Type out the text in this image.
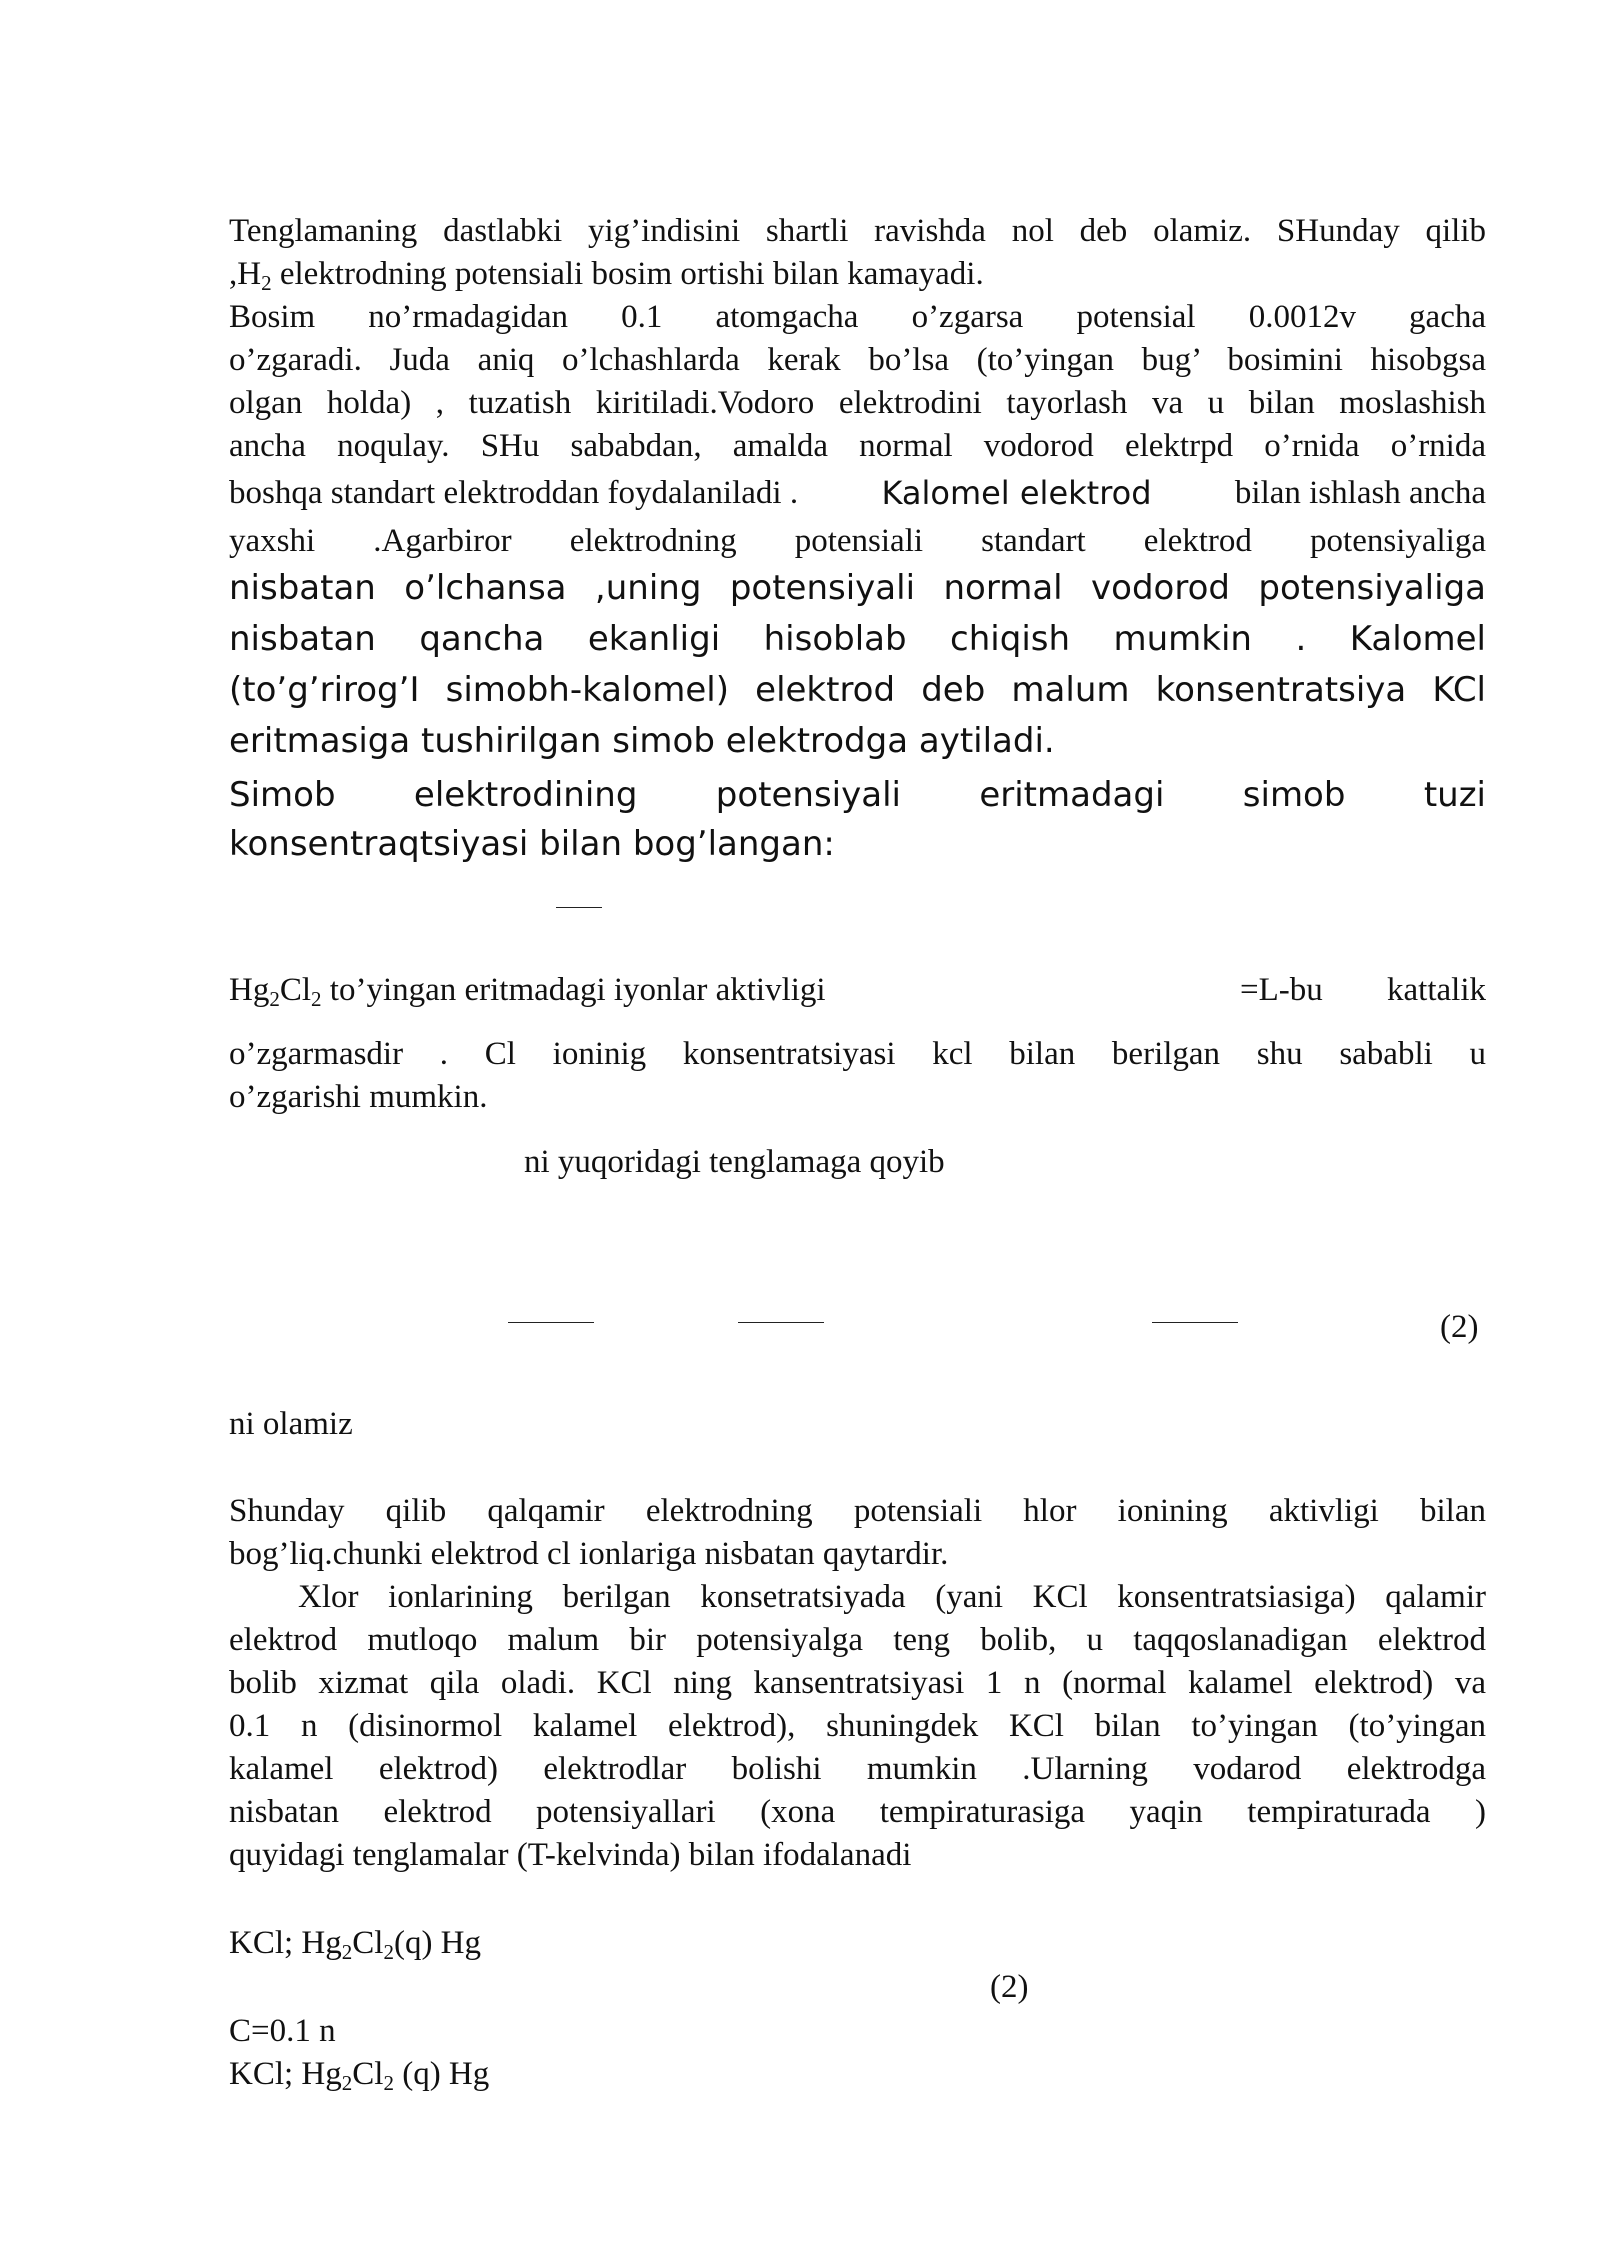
Tenglamaning dastlabki yig’indisini shartli ravishda nol deb olamiz. SHunday qilib

$,H_2$ elektrodning potensiali bosim ortishi bilan kamayadi.

Bosim no’rmadagidan 0.1 atomgacha o’zgarsa potensial 0.0012v gacha

o’zgaradi. Juda aniq o’lchashlarda kerak bo’lsa (to’yingan bug’ bosimini hisobgsa

olgan holda) , tuzatish kiritiladi.Vodoro elektrodini tayorlash va u bilan moslashish

ancha noqulay. SHu sababdan, amalda normal vodorod elektrpd o’rnida o’rnida

boshqa standart elektroddan foydalaniladi .	Kalomel elektrod	bilan ishlash ancha

yaxshi .Agarbiror elektrodning potensiali standart elektrod potensiyaliga

nisbatan o’lchansa ,uning potensiyali normal vodorod potensiyaliga

nisbatan qancha ekanligi hisoblab chiqish mumkin . Kalomel

(to’g’rirog’I simobh-kalomel) elektrod deb malum konsentratsiya KCl

eritmasiga tushirilgan simob elektrodga aytiladi.

Simob elektrodining potensiyali eritmadagi simob tuzi

konsentraqtsiyasi bilan bog’langan:

$Hg_2Cl_2$ to’yingan eritmadagi iyonlar aktivligi	=L-bu kattalik

o’zgarmasdir . Cl ioninig konsentratsiyasi kcl bilan berilgan shu sababli u

o’zgarishi mumkin.

ni yuqoridagi tenglamaga qoyib

(2)

ni olamiz

Shunday qilib qalqamir elektrodning potensiali hlor ionining aktivligi bilan

bog’liq.chunki elektrod cl ionlariga nisbatan qaytardir.

Xlor ionlarining berilgan konsetratsiyada (yani KCl konsentratsiasiga) qalamir

elektrod mutloqo malum bir potensiyalga teng bolib, u taqqoslanadigan elektrod

bolib xizmat qila oladi. KCl ning kansentratsiyasi 1 n (normal kalamel elektrod) va

0.1 n (disinormol kalamel elektrod), shuningdek KCl bilan to’yingan (to’yingan

kalamel elektrod) elektrodlar bolishi mumkin .Ularning vodarod elektrodga

nisbatan elektrod potensiyallari (xona tempiraturasiga yaqin tempiraturada )

quyidagi tenglamalar (T-kelvinda) bilan ifodalanadi

KCl; $Hg_2Cl_2(q)$ Hg

(2)

C=0.1 n

KCl; $Hg_2Cl_2$ (q) Hg
